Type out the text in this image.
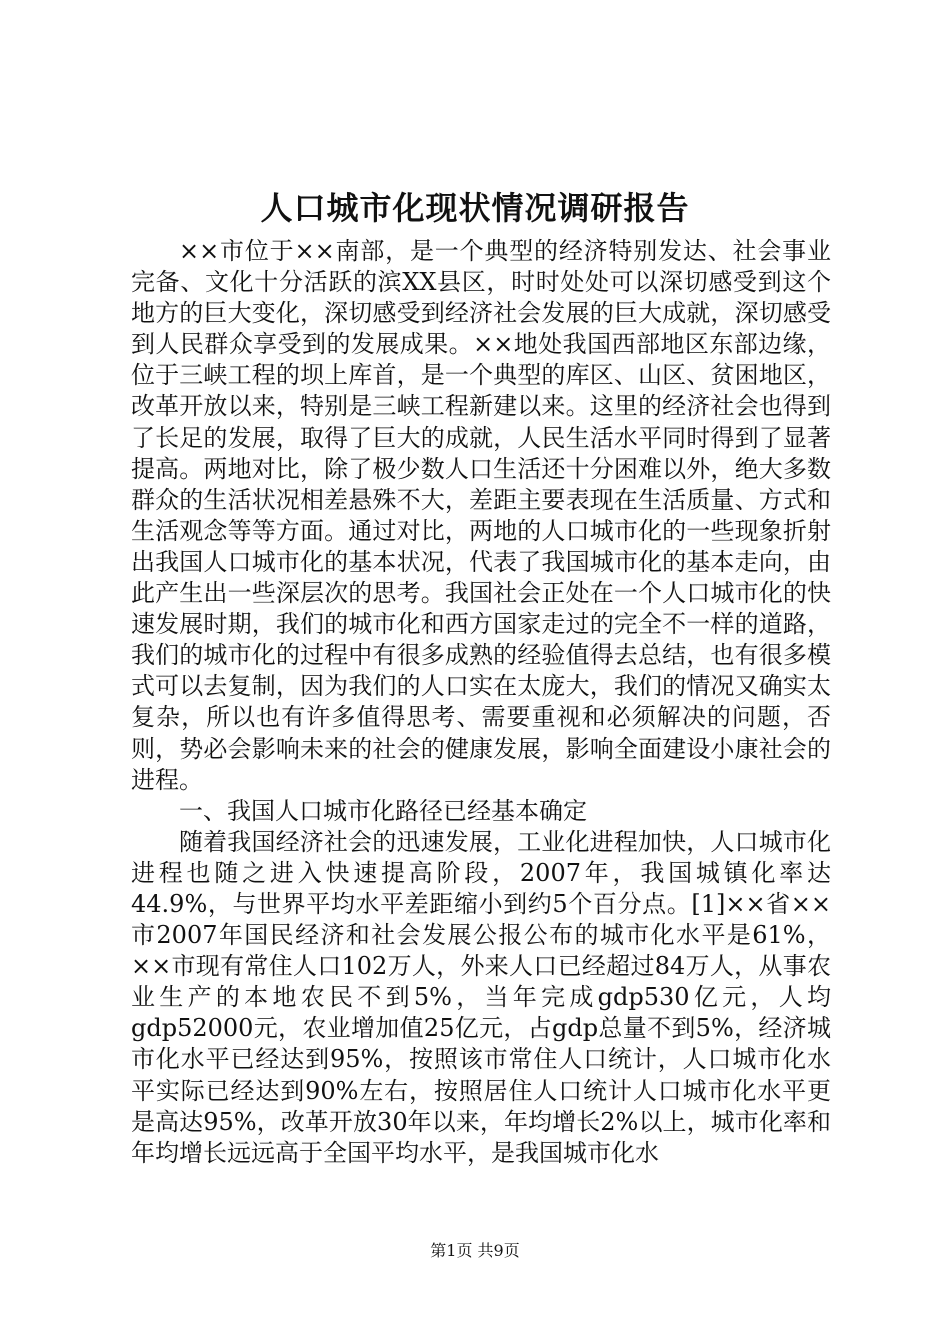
人口城市化现状情况调研报告

××市位于××南部，是一个典型的经济特别发达、社会事业完备、文化十分活跃的滨XX县区，时时处处可以深切感受到这个地方的巨大变化，深切感受到经济社会发展的巨大成就，深切感受到人民群众享受到的发展成果。××地处我国西部地区东部边缘，位于三峡工程的坝上库首，是一个典型的库区、山区、贫困地区，改革开放以来，特别是三峡工程新建以来。这里的经济社会也得到了长足的发展，取得了巨大的成就，人民生活水平同时得到了显著提高。两地对比，除了极少数人口生活还十分困难以外，绝大多数群众的生活状况相差悬殊不大，差距主要表现在生活质量、方式和生活观念等等方面。通过对比，两地的人口城市化的一些现象折射出我国人口城市化的基本状况，代表了我国城市化的基本走向，由此产生出一些深层次的思考。我国社会正处在一个人口城市化的快速发展时期，我们的城市化和西方国家走过的完全不一样的道路，我们的城市化的过程中有很多成熟的经验值得去总结，也有很多模式可以去复制，因为我们的人口实在太庞大，我们的情况又确实太复杂，所以也有许多值得思考、需要重视和必须解决的问题，否则，势必会影响未来的社会的健康发展，影响全面建设小康社会的进程。

一、我国人口城市化路径已经基本确定

随着我国经济社会的迅速发展，工业化进程加快，人口城市化进程也随之进入快速提高阶段，2007年，我国城镇化率达44.9%，与世界平均水平差距缩小到约5个百分点。[1]××省××市2007年国民经济和社会发展公报公布的城市化水平是61%，××市现有常住人口102万人，外来人口已经超过84万人，从事农业生产的本地农民不到5%，当年完成gdp530亿元，人均gdp52000元，农业增加值25亿元，占gdp总量不到5%，经济城市化水平已经达到95%，按照该市常住人口统计，人口城市化水平实际已经达到90%左右，按照居住人口统计人口城市化水平更是高达95%，改革开放30年以来，年均增长2%以上，城市化率和年均增长远远高于全国平均水平，是我国城市化水

第1页 共9页
